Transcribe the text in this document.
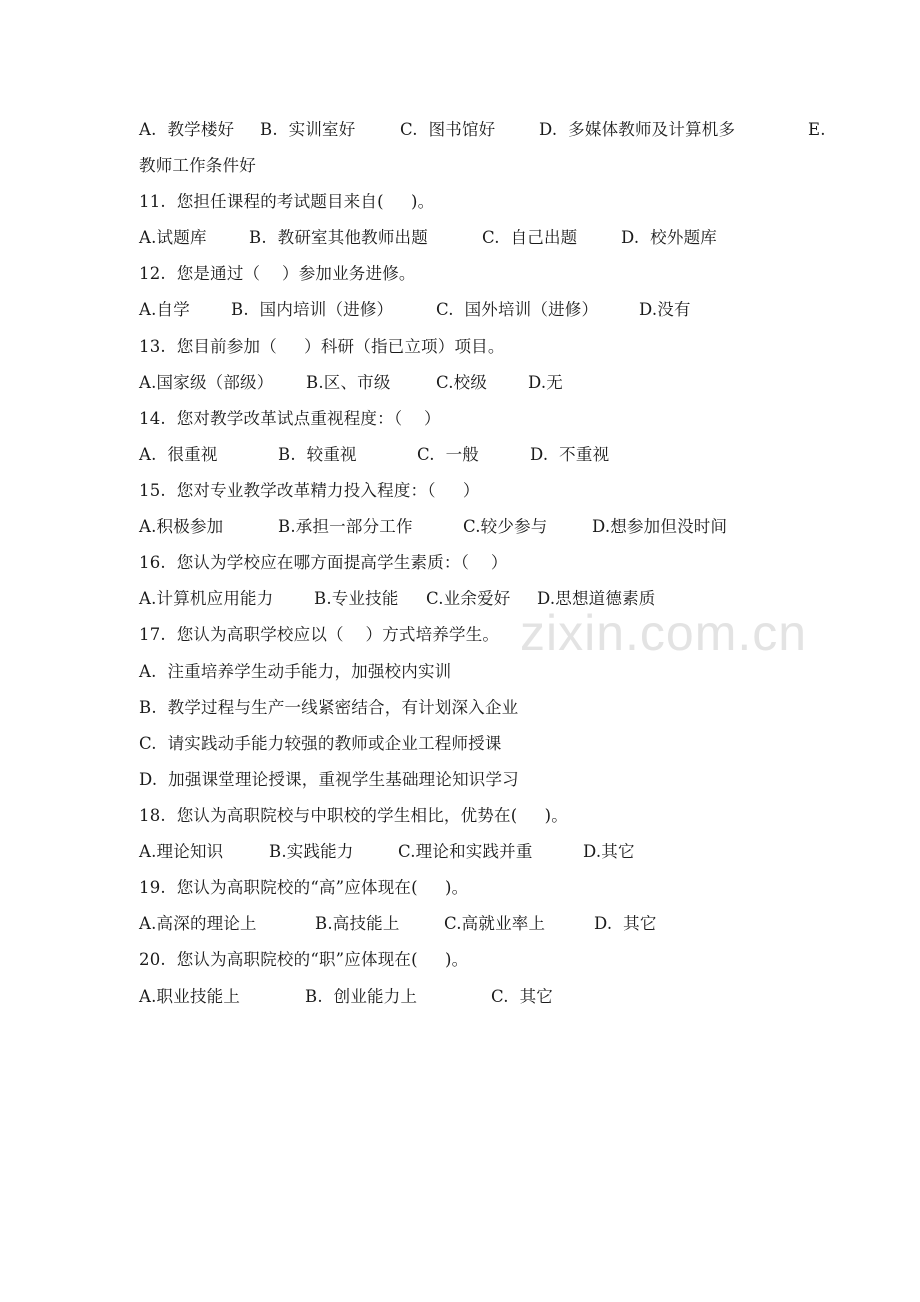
zixin.com.cn

A.  教学楼好

B.  实训室好

	C.  图书馆好

	D.  多媒体教师及计算机多

	E.

教师工作条件好
11.  您担任课程的考试题目来自(     )。

A.试题库

	B.  教研室其他教师出题

	C.  自己出题

	D.  校外题库

12.  您是通过（    ）参加业务进修。

A.自学

B.  国内培训（进修）

	C.  国外培训（进修）

D.没有

13.  您目前参加（     ）科研（指已立项）项目。

A.国家级（部级）

B.区、市级

	C.校级

D.无

14.  您对教学改革试点重视程度：（    ）

A.  很重视

	B.  较重视

	C.  一般

	D.  不重视

15.  您对专业教学改革精力投入程度：（     ）

A.积极参加

	B.承担一部分工作

	C.较少参与

	D.想参加但没时间

16.  您认为学校应在哪方面提高学生素质：（    ）

A.计算机应用能力

B.专业技能

C.业余爱好

D.思想道德素质

17.  您认为高职学校应以（    ）方式培养学生。
A.  注重培养学生动手能力，加强校内实训
B.  教学过程与生产一线紧密结合，有计划深入企业
C.  请实践动手能力较强的教师或企业工程师授课
D.  加强课堂理论授课，重视学生基础理论知识学习
18.  您认为高职院校与中职校的学生相比，优势在(     )。

A.理论知识

	B.实践能力

	C.理论和实践并重

	D.其它

19.  您认为高职院校的“高”应体现在(     )。

A.高深的理论上

	B.高技能上

	C.高就业率上

	D.  其它

20.  您认为高职院校的“职”应体现在(     )。

A.职业技能上

	B.  创业能力上

	C.  其它
